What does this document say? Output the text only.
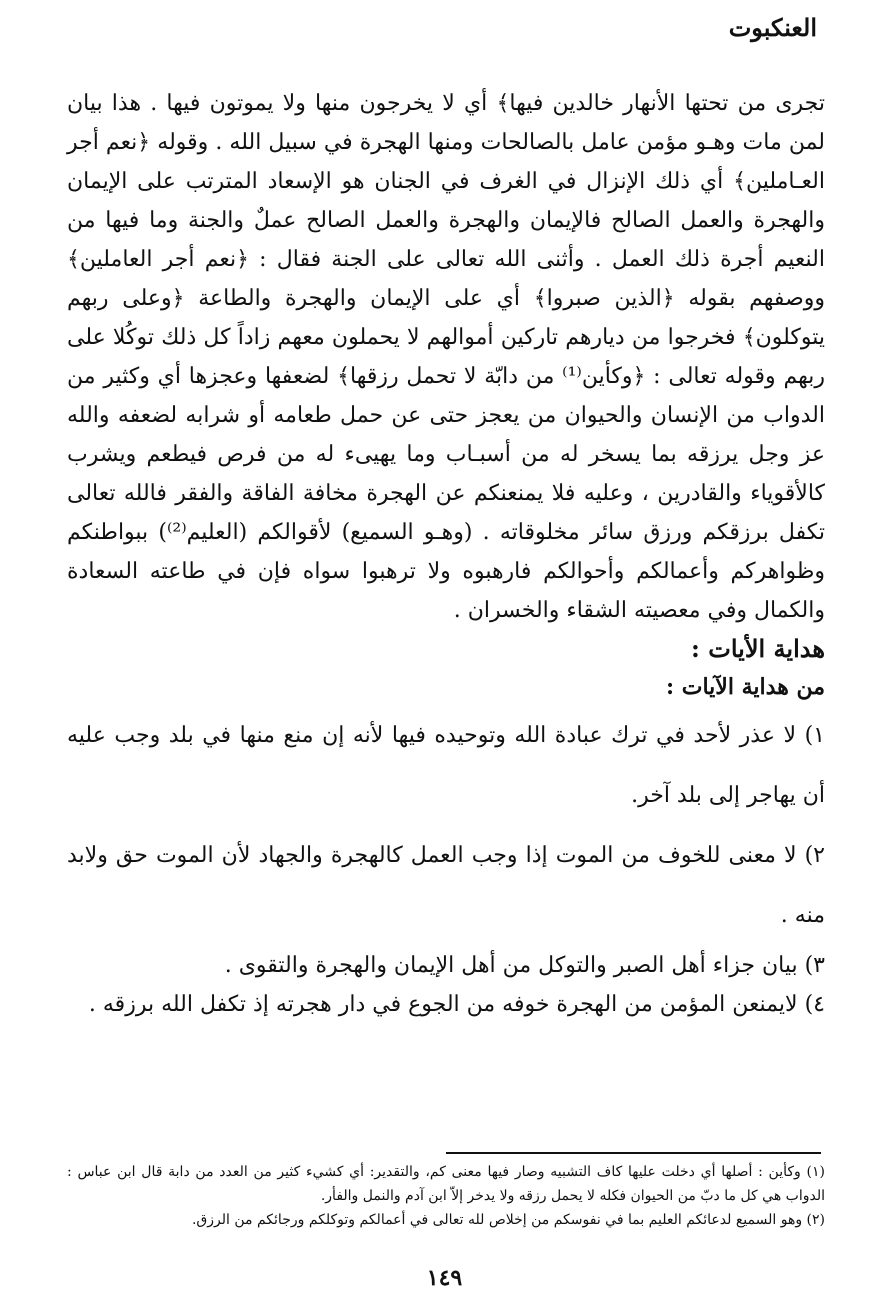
العنكبوت

تجرى من تحتها الأنهار خالدين فيها﴾ أي لا يخرجون منها ولا يموتون فيها . هذا بيان لمن مات وهـو مؤمن عامل بالصالحات ومنها الهجرة في سبيل الله . وقوله ﴿نعم أجر العـاملين﴾ أي ذلك الإنزال في الغرف في الجنان هو الإسعاد المترتب على الإيمان والهجرة والعمل الصالح فالإيمان والهجرة والعمل الصالح عملٌ والجنة وما فيها من النعيم أجرة ذلك العمل . وأثنى الله تعالى على الجنة فقال : ﴿نعم أجر العاملين﴾ ووصفهم بقوله ﴿الذين صبروا﴾ أي على الإيمان والهجرة والطاعة ﴿وعلى ربهم يتوكلون﴾ فخرجوا من ديارهم تاركين أموالهم لا يحملون معهم زاداً كل ذلك توكُلا على ربهم وقوله تعالى : ﴿وكأين⁽¹⁾ من دابّة لا تحمل رزقها﴾ لضعفها وعجزها أي وكثير من الدواب من الإنسان والحيوان من يعجز حتى عن حمل طعامه أو شرابه لضعفه والله عز وجل يرزقه بما يسخر له من أسبـاب وما يهيىء له من فرص فيطعم ويشرب كالأقوياء والقادرين ، وعليه فلا يمنعنكم عن الهجرة مخافة الفاقة والفقر فالله تعالى تكفل برزقكم ورزق سائر مخلوقاته . (وهـو السميع) لأقوالكم (العليم⁽²⁾) ببواطنكم وظواهركم وأعمالكم وأحوالكم فارهبوه ولا ترهبوا سواه فإن في طاعته السعادة والكمال وفي معصيته الشقاء والخسران .

هداية الأيات :

من هداية الآيات :

١) لا عذر لأحد في ترك عبادة الله وتوحيده فيها لأنه إن منع منها في بلد وجب عليه أن يهاجر إلى بلد آخر.

٢) لا معنى للخوف من الموت إذا وجب العمل كالهجرة والجهاد لأن الموت حق ولابد منه .

٣) بيان جزاء أهل الصبر والتوكل من أهل الإيمان والهجرة والتقوى .

٤) لايمنعن المؤمن من الهجرة خوفه من الجوع في دار هجرته إذ تكفل الله برزقه .

(١) وكأين : أصلها أي دخلت عليها كاف التشبيه وصار فيها معنى كم، والتقدير: أي كشيء كثير من العدد من دابة قال ابن عباس : الدواب هي كل ما دبّ من الحيوان فكله لا يحمل رزقه ولا يدخر إلاّ ابن آدم والنمل والفأر.

(٢) وهو السميع لدعائكم العليم بما في نفوسكم من إخلاص لله تعالى في أعمالكم وتوكلكم ورجائكم من الرزق.

١٤٩
